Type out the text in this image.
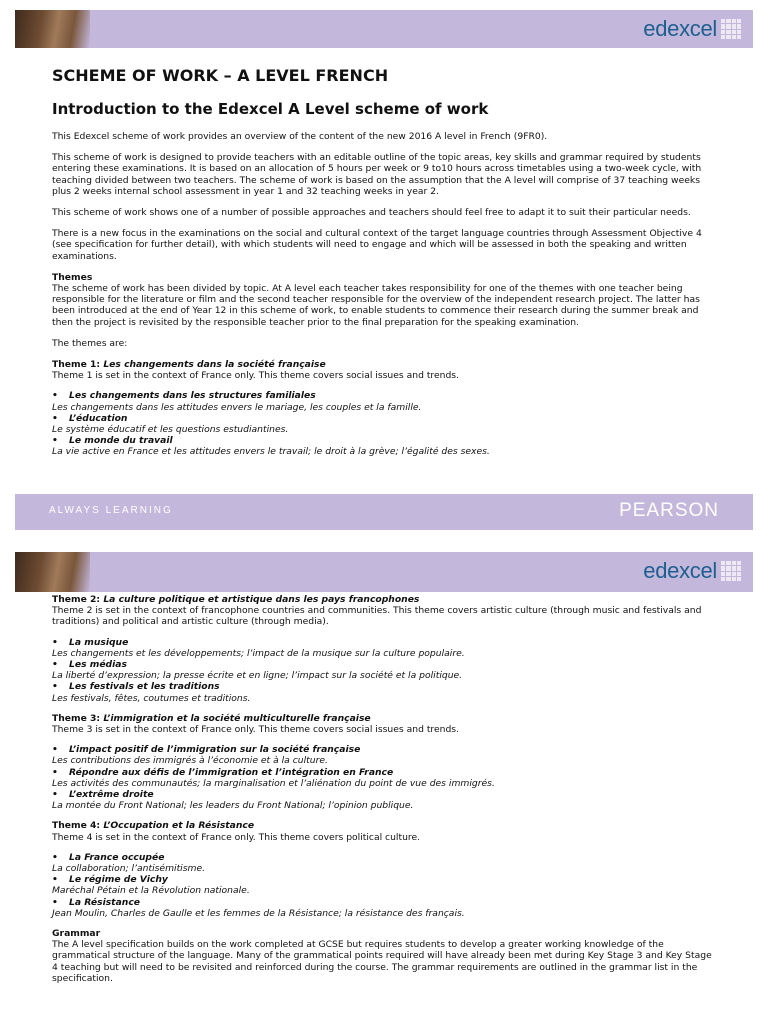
edexcel
SCHEME OF WORK – A LEVEL FRENCH
Introduction to the Edexcel A Level scheme of work

This Edexcel scheme of work provides an overview of the content of the new 2016 A level in French (9FR0).

This scheme of work is designed to provide teachers with an editable outline of the topic areas, key skills and grammar required by students entering these examinations. It is based on an allocation of 5 hours per week or 9 to10 hours across timetables using a two-week cycle, with teaching divided between two teachers. The scheme of work is based on the assumption that the A level will comprise of 37 teaching weeks plus 2 weeks internal school assessment in year 1 and 32 teaching weeks in year 2.

This scheme of work shows one of a number of possible approaches and teachers should feel free to adapt it to suit their particular needs.

There is a new focus in the examinations on the social and cultural context of the target language countries through Assessment Objective 4 (see specification for further detail), with which students will need to engage and which will be assessed in both the speaking and written examinations.

Themes
The scheme of work has been divided by topic. At A level each teacher takes responsibility for one of the themes with one teacher being responsible for the literature or film and the second teacher responsible for the overview of the independent research project. The latter has been introduced at the end of Year 12 in this scheme of work, to enable students to commence their research during the summer break and then the project is revisited by the responsible teacher prior to the final preparation for the speaking examination.

The themes are:

Theme 1: Les changements dans la société française
Theme 1 is set in the context of France only. This theme covers social issues and trends.
•	Les changements dans les structures familiales
Les changements dans les attitudes envers le mariage, les couples et la famille.
•	L’éducation
Le système éducatif et les questions estudiantines.
•	Le monde du travail
La vie active en France et les attitudes envers le travail; le droit à la grève; l’égalité des sexes.
ALWAYS LEARNING	PEARSON
edexcel
Theme 2: La culture politique et artistique dans les pays francophones
Theme 2 is set in the context of francophone countries and communities. This theme covers artistic culture (through music and festivals and traditions) and political and artistic culture (through media).
•	La musique
Les changements et les développements; l’impact de la musique sur la culture populaire.
•	Les médias
La liberté d’expression; la presse écrite et en ligne; l’impact sur la société et la politique.
•	Les festivals et les traditions
Les festivals, fêtes, coutumes et traditions.
Theme 3: L’immigration et la société multiculturelle française
Theme 3 is set in the context of France only. This theme covers social issues and trends.
•	L’impact positif de l’immigration sur la société française
Les contributions des immigrés à l’économie et à la culture.
•	Répondre aux défis de l’immigration et l’intégration en France
Les activités des communautés; la marginalisation et l’aliénation du point de vue des immigrés.
•	L’extrême droite
La montée du Front National; les leaders du Front National; l’opinion publique.
Theme 4: L’Occupation et la Résistance
Theme 4 is set in the context of France only. This theme covers political culture.
•	La France occupée
La collaboration; l’antisémitisme.
•	Le régime de Vichy
Maréchal Pétain et la Révolution nationale.
•	La Résistance
Jean Moulin, Charles de Gaulle et les femmes de la Résistance; la résistance des français.
Grammar
The A level specification builds on the work completed at GCSE but requires students to develop a greater working knowledge of the grammatical structure of the language. Many of the grammatical points required will have already been met during Key Stage 3 and Key Stage 4 teaching but will need to be revisited and reinforced during the course. The grammar requirements are outlined in the grammar list in the specification.
